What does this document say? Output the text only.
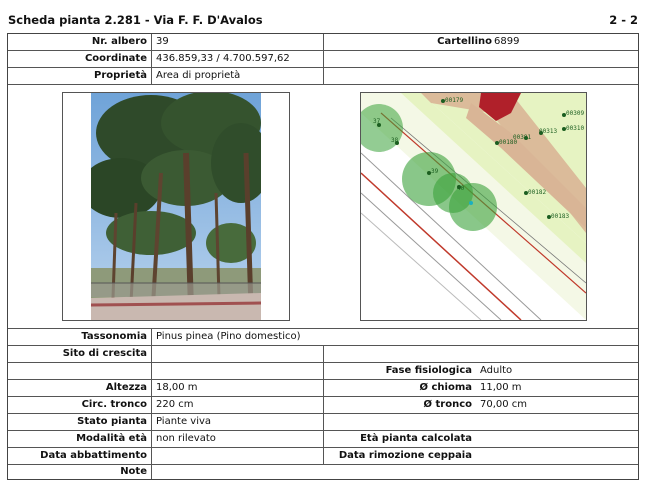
Scheda pianta 2.281 - Via F. F. D'Avalos	2 - 2
Nr. albero 39	Cartellino 6899
Coordinate 436.859,33 / 4.700.597,62
Proprietà Area di proprietà
00179
00309
00310
00313
00381
00180
00182
00183
37
38
39
40
Tassonomia Pinus pinea (Pino domestico)
Sito di crescita
Fase fisiologica Adulto
Altezza 18,00 m	Ø chioma 11,00 m
Circ. tronco 220 cm	Ø tronco 70,00 cm
Stato pianta Piante viva
Modalità età non rilevato	Età pianta calcolata
Data abbattimento	Data rimozione ceppaia
Note
